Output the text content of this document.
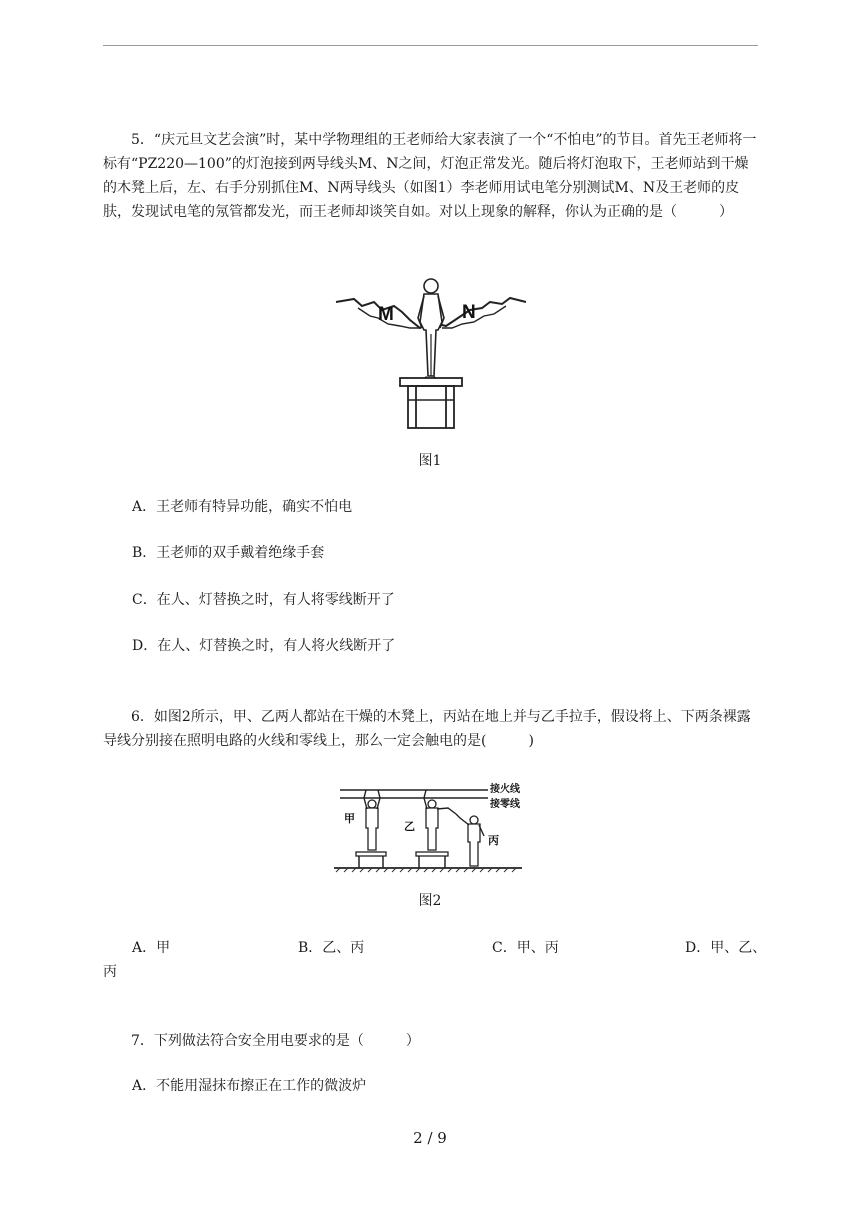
5．“庆元旦文艺会演”时，某中学物理组的王老师给大家表演了一个“不怕电”的节目。首先王老师将一标有“PZ220—100”的灯泡接到两导线头M、N之间，灯泡正常发光。随后将灯泡取下，王老师站到干燥的木凳上后，左、右手分别抓住M、N两导线头（如图1）李老师用试电笔分别测试M、N及王老师的皮肤，发现试电笔的氖管都发光，而王老师却谈笑自如。对以上现象的解释，你认为正确的是（　　　）

M	N
图1

A．王老师有特异功能，确实不怕电

B．王老师的双手戴着绝缘手套

C．在人、灯替换之时，有人将零线断开了

D．在人、灯替换之时，有人将火线断开了

6．如图2所示，甲、乙两人都站在干燥的木凳上，丙站在地上并与乙手拉手，假设将上、下两条裸露导线分别接在照明电路的火线和零线上，那么一定会触电的是(　　　)

接火线
接零线
甲
乙
丙
图2
A．甲	B．乙、丙	C．甲、丙	D．甲、乙、
丙

7．下列做法符合安全用电要求的是（　　　）

A．不能用湿抹布擦正在工作的微波炉

2 / 9
